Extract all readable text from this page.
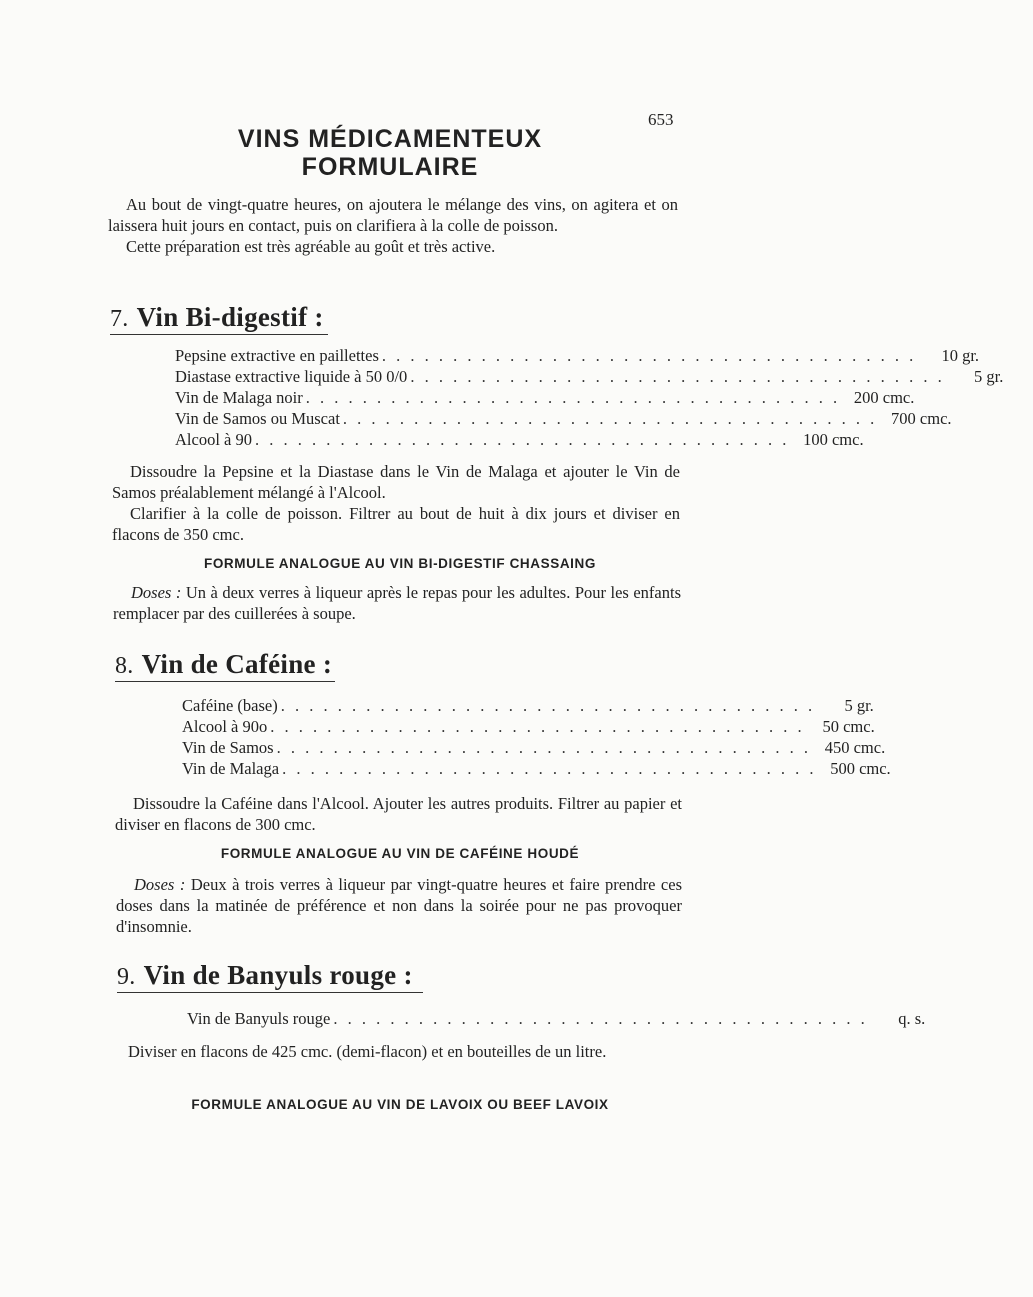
653
VINS MÉDICAMENTEUX
FORMULAIRE

Au bout de vingt-quatre heures, on ajoutera le mélange des vins, on agitera et on laissera huit jours en contact, puis on clarifiera à la colle de poisson.

Cette préparation est très agréable au goût et très active.

7. Vin Bi-digestif :
Pepsine extractive en paillettes . . . . . . . . . . . . . . . . . . . . . . . . . . . . . . . . . . . . . .	10 gr.
Diastase extractive liquide à 50 0/0 . . . . . . . . . . . . . . . . . . . . . . . . . . . . . . . . . . . . . .	5 gr.
Vin de Malaga noir . . . . . . . . . . . . . . . . . . . . . . . . . . . . . . . . . . . . . . 200 cmc.
Vin de Samos ou Muscat . . . . . . . . . . . . . . . . . . . . . . . . . . . . . . . . . . . . . . 700 cmc.
Alcool à 90 . . . . . . . . . . . . . . . . . . . . . . . . . . . . . . . . . . . . . . 100 cmc.

Dissoudre la Pepsine et la Diastase dans le Vin de Malaga et ajouter le Vin de Samos préalablement mélangé à l'Alcool.

Clarifier à la colle de poisson. Filtrer au bout de huit à dix jours et diviser en flacons de 350 cmc.

FORMULE ANALOGUE AU VIN BI-DIGESTIF CHASSAING

Doses : Un à deux verres à liqueur après le repas pour les adultes. Pour les enfants remplacer par des cuillerées à soupe.

8. Vin de Caféine :
Caféine (base) . . . . . . . . . . . . . . . . . . . . . . . . . . . . . . . . . . . . . .	5 gr.
Alcool à 90o . . . . . . . . . . . . . . . . . . . . . . . . . . . . . . . . . . . . . .	50 cmc.
Vin de Samos . . . . . . . . . . . . . . . . . . . . . . . . . . . . . . . . . . . . . . 450 cmc.
Vin de Malaga . . . . . . . . . . . . . . . . . . . . . . . . . . . . . . . . . . . . . . 500 cmc.

Dissoudre la Caféine dans l'Alcool. Ajouter les autres produits. Filtrer au papier et diviser en flacons de 300 cmc.

FORMULE ANALOGUE AU VIN DE CAFÉINE HOUDÉ

Doses : Deux à trois verres à liqueur par vingt-quatre heures et faire prendre ces doses dans la matinée de préférence et non dans la soirée pour ne pas provoquer d'insomnie.

9. Vin de Banyuls rouge :
Vin de Banyuls rouge . . . . . . . . . . . . . . . . . . . . . . . . . . . . . . . . . . . . . .	q. s.

Diviser en flacons de 425 cmc. (demi-flacon) et en bouteilles de un litre.

FORMULE ANALOGUE AU VIN DE LAVOIX OU BEEF LAVOIX
